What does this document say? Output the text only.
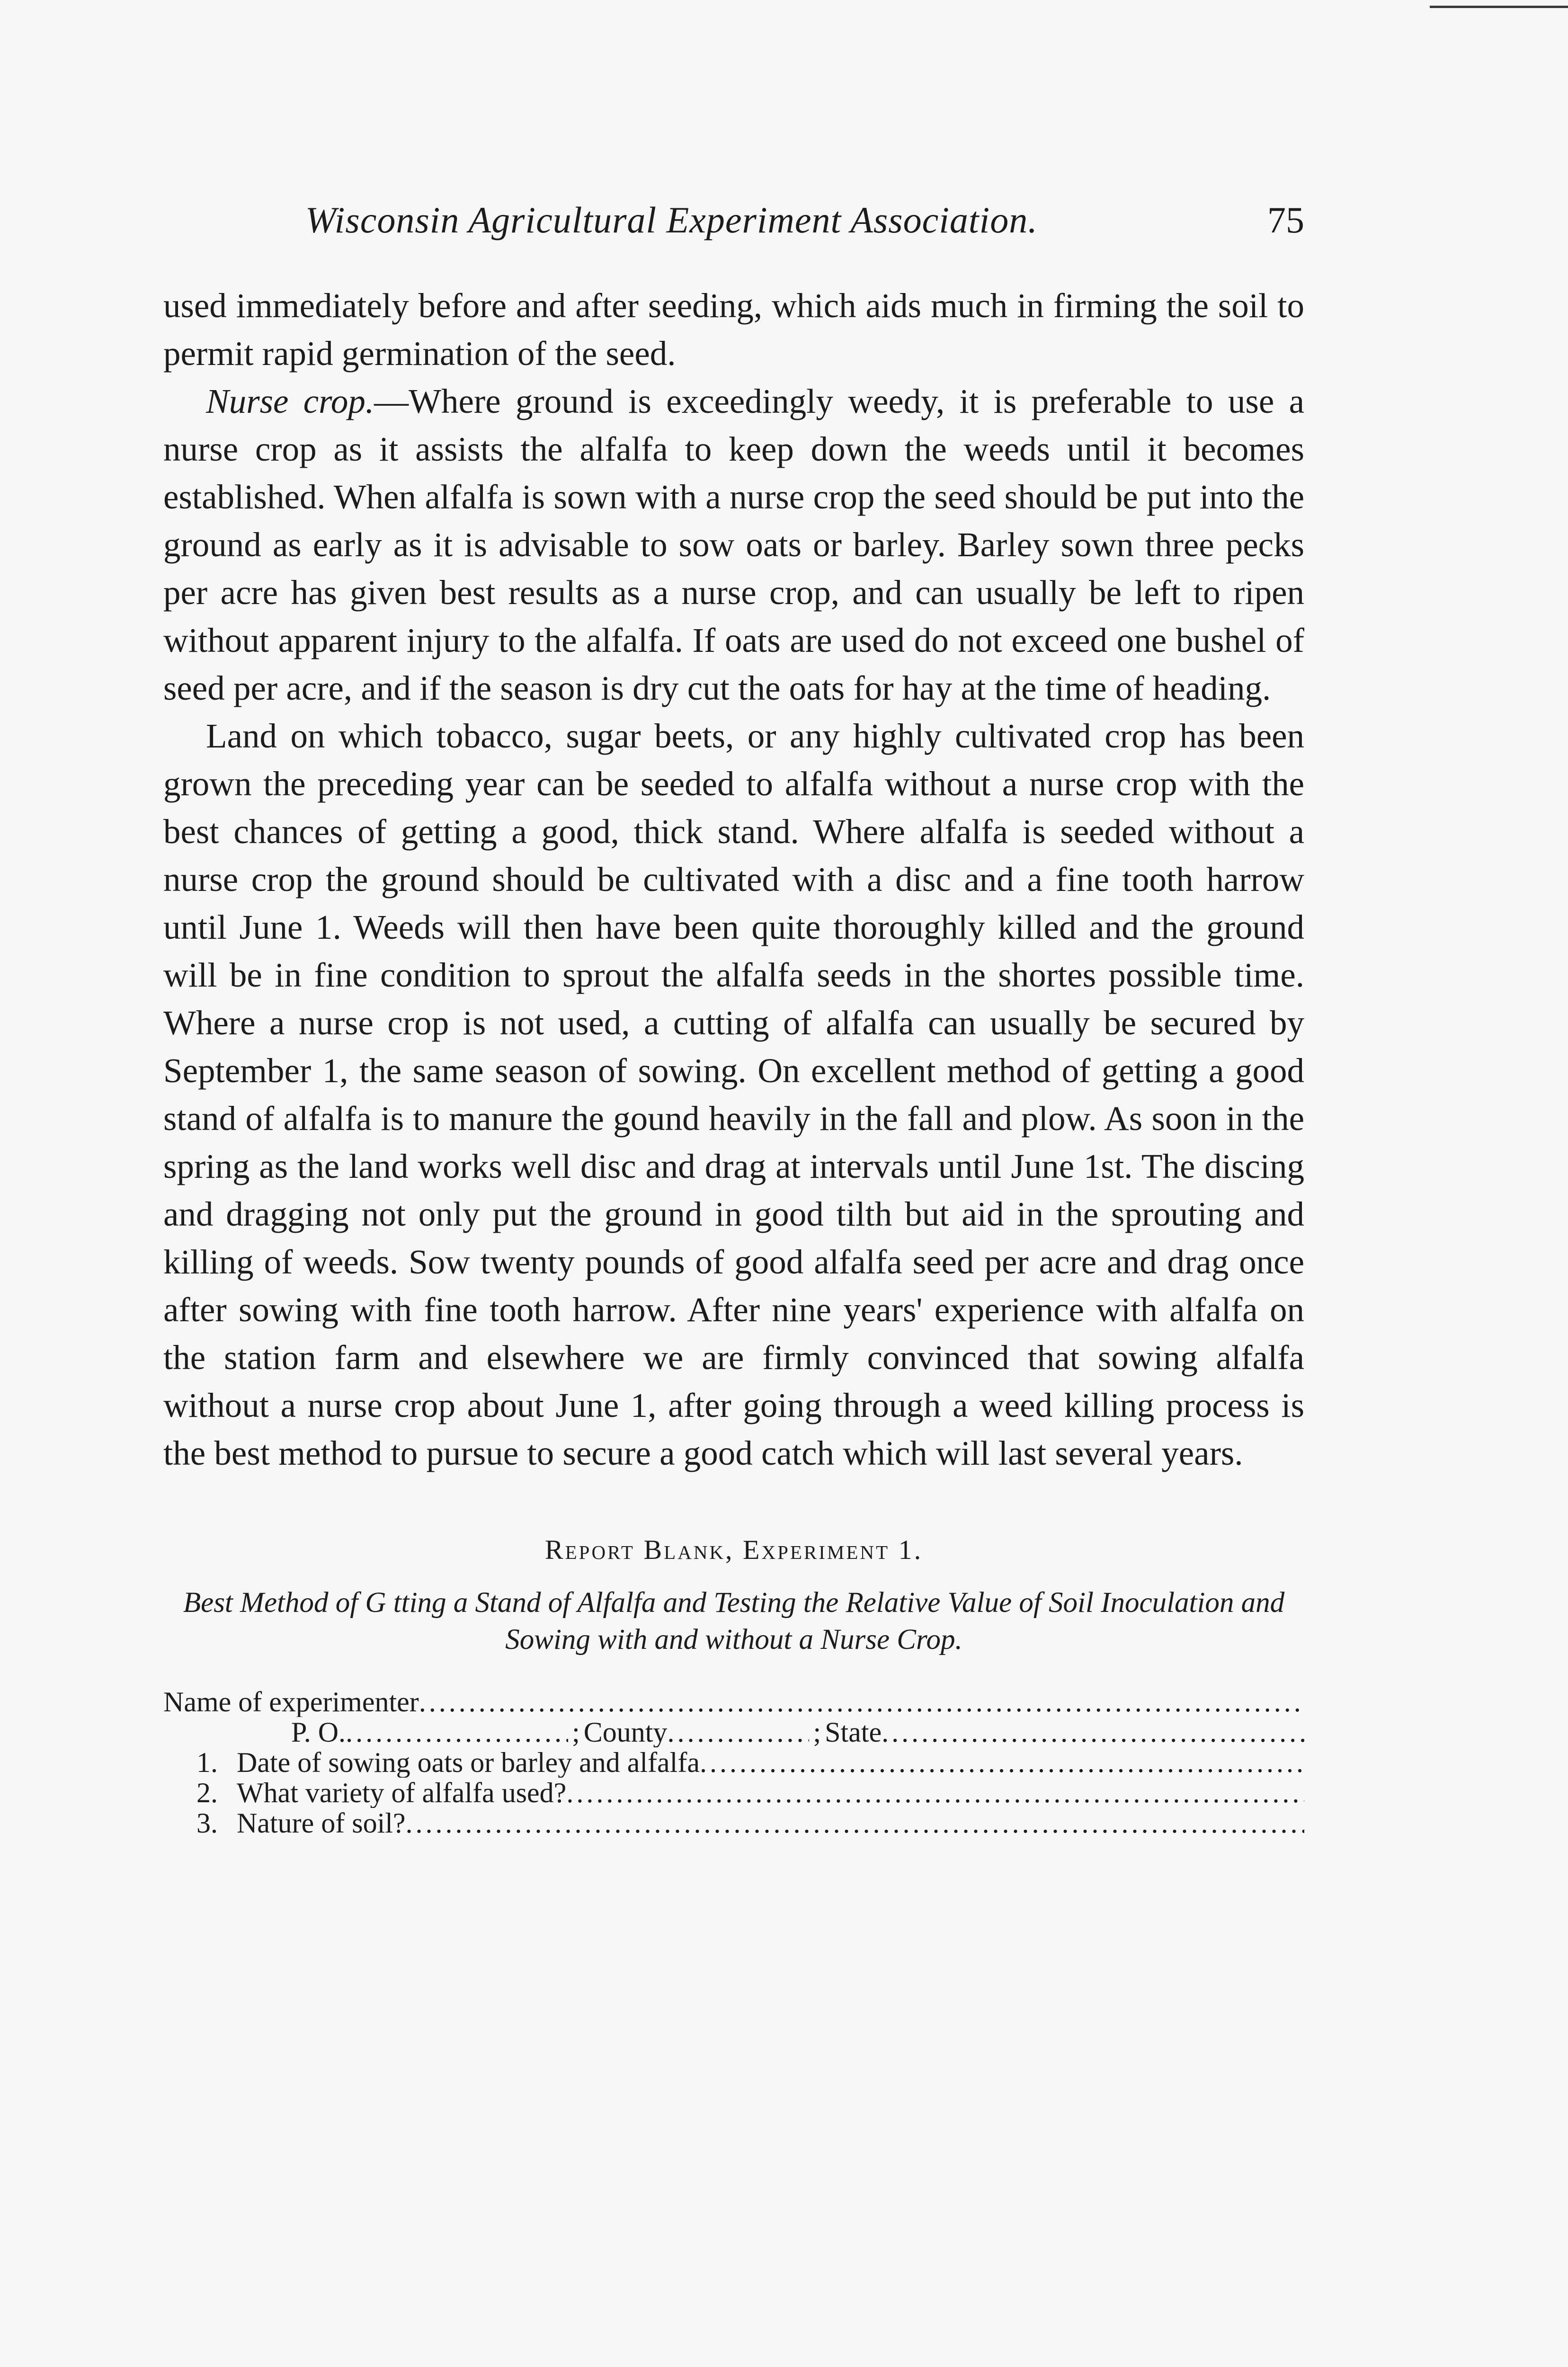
Wisconsin Agricultural Experiment Association.	75

used immediately before and after seeding, which aids much in firming the soil to permit rapid germination of the seed.

Nurse crop.—Where ground is exceedingly weedy, it is preferable to use a nurse crop as it assists the alfalfa to keep down the weeds until it becomes established. When alfalfa is sown with a nurse crop the seed should be put into the ground as early as it is advisable to sow oats or barley. Barley sown three pecks per acre has given best results as a nurse crop, and can usually be left to ripen without apparent injury to the alfalfa. If oats are used do not exceed one bushel of seed per acre, and if the season is dry cut the oats for hay at the time of heading.

Land on which tobacco, sugar beets, or any highly cultivated crop has been grown the preceding year can be seeded to alfalfa without a nurse crop with the best chances of getting a good, thick stand. Where alfalfa is seeded without a nurse crop the ground should be cultivated with a disc and a fine tooth harrow until June 1. Weeds will then have been quite thoroughly killed and the ground will be in fine condition to sprout the alfalfa seeds in the shortes possible time. Where a nurse crop is not used, a cutting of alfalfa can usually be secured by September 1, the same season of sowing. On excellent method of getting a good stand of alfalfa is to manure the gound heavily in the fall and plow. As soon in the spring as the land works well disc and drag at intervals until June 1st. The discing and dragging not only put the ground in good tilth but aid in the sprouting and killing of weeds. Sow twenty pounds of good alfalfa seed per acre and drag once after sowing with fine tooth harrow. After nine years' experience with alfalfa on the station farm and elsewhere we are firmly convinced that sowing alfalfa without a nurse crop about June 1, after going through a weed killing process is the best method to pursue to secure a good catch which will last several years.

Report Blank, Experiment 1.
Best Method of G tting a Stand of Alfalfa and Testing the Relative Value of Soil Inoculation and Sowing with and without a Nurse Crop.
Name of experimenter
.....
P. O. .....	; County .....	; State
.....
1. Date of sowing oats or barley and alfalfa
.....
2. What variety of alfalfa used?
.....
3. Nature of soil?
.....
